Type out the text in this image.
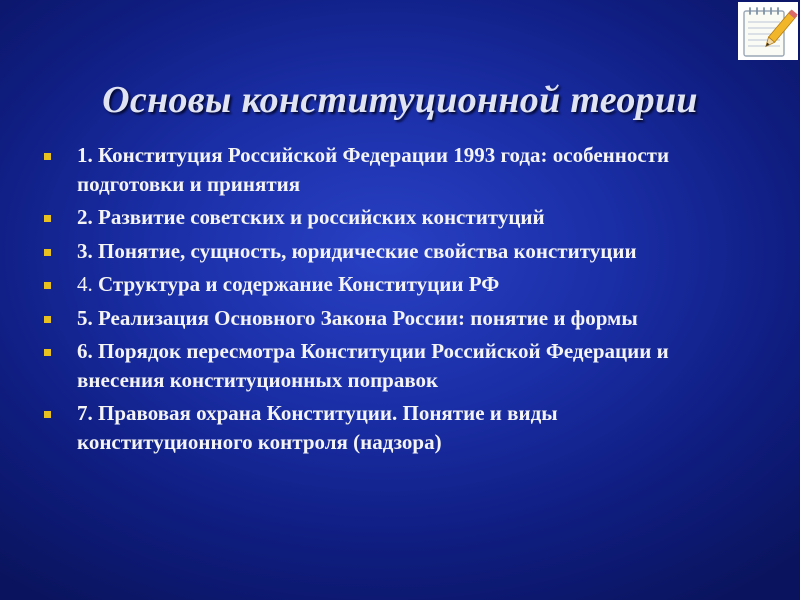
Основы конституционной теории
1. Конституция Российской Федерации 1993 года: особенности подготовки и принятия
2. Развитие советских и российских конституций
3. Понятие, сущность, юридические свойства конституции
4. Структура и содержание Конституции РФ
5. Реализация Основного Закона России: понятие и формы
6. Порядок пересмотра Конституции Российской Федерации и внесения конституционных поправок
7. Правовая охрана Конституции. Понятие и виды конституционного контроля (надзора)
